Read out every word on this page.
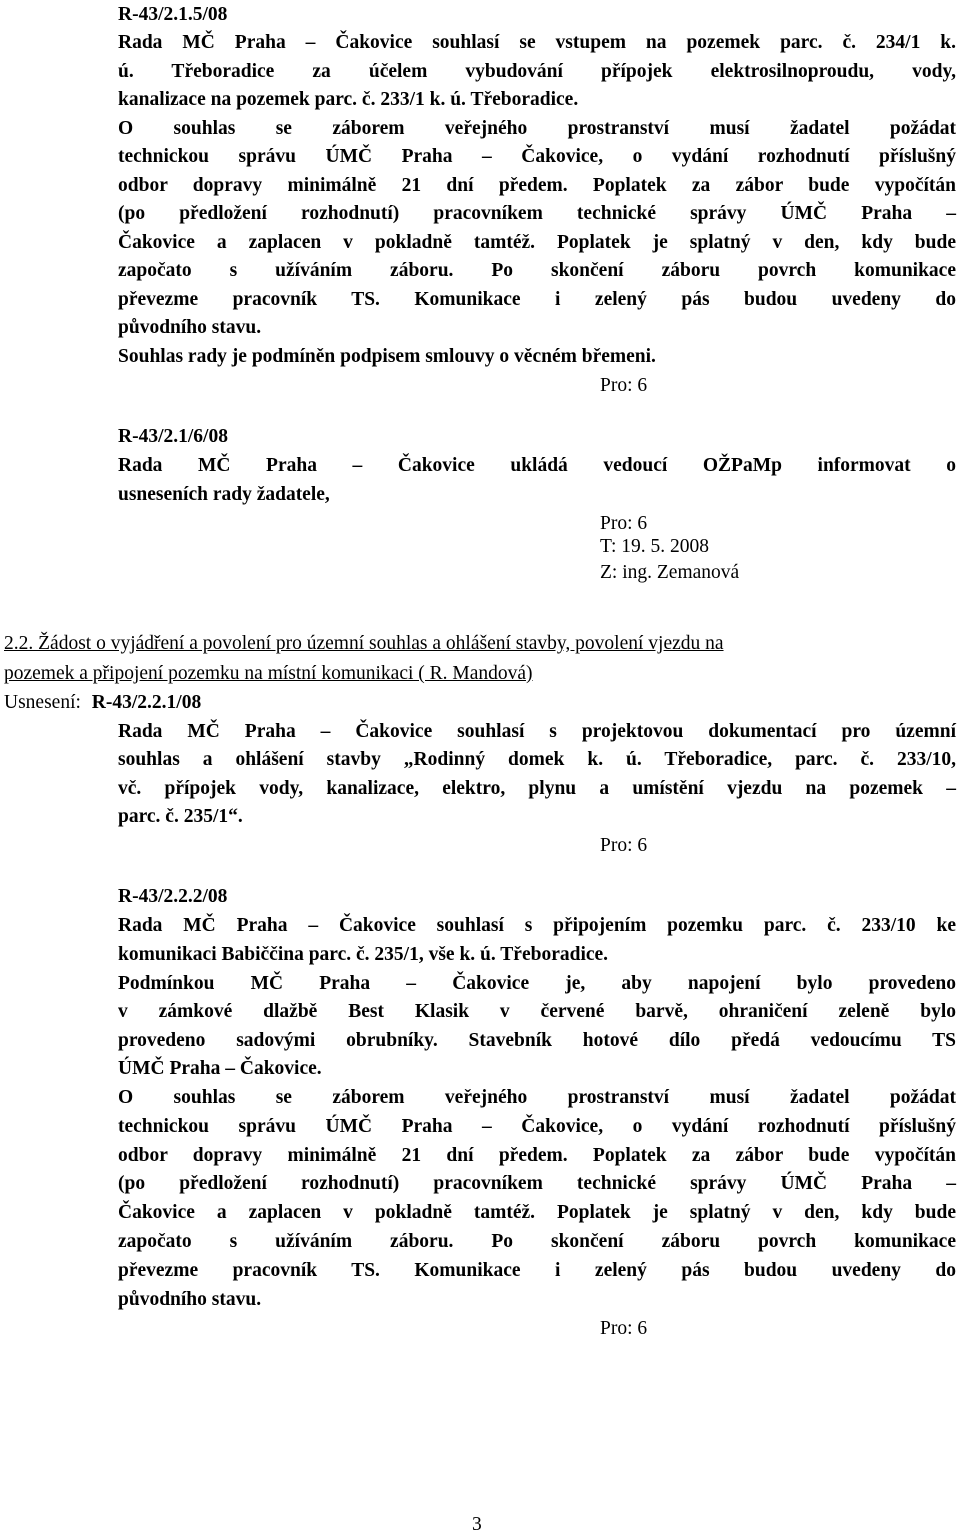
R-43/2.1.5/08
Rada MČ Praha – Čakovice souhlasí se vstupem na pozemek parc. č. 234/1 k.
ú. Třeboradice za účelem vybudování přípojek elektrosilnoproudu, vody,
kanalizace na pozemek parc. č. 233/1 k. ú. Třeboradice.
O souhlas se záborem veřejného prostranství musí žadatel požádat
technickou správu ÚMČ Praha – Čakovice, o vydání rozhodnutí příslušný
odbor dopravy minimálně 21 dní předem. Poplatek za zábor bude vypočítán
(po předložení rozhodnutí) pracovníkem technické správy ÚMČ Praha –
Čakovice a zaplacen v pokladně tamtéž. Poplatek je splatný v den, kdy bude
započato s užíváním záboru. Po skončení záboru povrch komunikace
převezme pracovník TS. Komunikace i zelený pás budou uvedeny do
původního stavu.
Souhlas rady je podmíněn podpisem smlouvy o věcném břemeni.
Pro: 6
R-43/2.1/6/08
Rada MČ Praha – Čakovice ukládá vedoucí OŽPaMp informovat o
usneseních rady žadatele,
Pro: 6
T: 19. 5. 2008
Z: ing. Zemanová
2.2. Žádost o vyjádření a povolení pro územní souhlas a ohlášení stavby, povolení vjezdu na
pozemek a připojení pozemku na místní komunikaci ( R. Mandová)
Usnesení: R-43/2.2.1/08
Rada MČ Praha – Čakovice souhlasí s projektovou dokumentací pro územní
souhlas a ohlášení stavby „Rodinný domek k. ú. Třeboradice, parc. č. 233/10,
vč. přípojek vody, kanalizace, elektro, plynu a umístění vjezdu na pozemek –
parc. č. 235/1“.
Pro: 6
R-43/2.2.2/08
Rada MČ Praha – Čakovice souhlasí s připojením pozemku parc. č. 233/10 ke
komunikaci Babiččina parc. č. 235/1, vše k. ú. Třeboradice.
Podmínkou MČ Praha – Čakovice je, aby napojení bylo provedeno
v zámkové dlažbě Best Klasik v červené barvě, ohraničení zeleně bylo
provedeno sadovými obrubníky. Stavebník hotové dílo předá vedoucímu TS
ÚMČ Praha – Čakovice.
O souhlas se záborem veřejného prostranství musí žadatel požádat
technickou správu ÚMČ Praha – Čakovice, o vydání rozhodnutí příslušný
odbor dopravy minimálně 21 dní předem. Poplatek za zábor bude vypočítán
(po předložení rozhodnutí) pracovníkem technické správy ÚMČ Praha –
Čakovice a zaplacen v pokladně tamtéž. Poplatek je splatný v den, kdy bude
započato s užíváním záboru. Po skončení záboru povrch komunikace
převezme pracovník TS. Komunikace i zelený pás budou uvedeny do
původního stavu.
Pro: 6
3
